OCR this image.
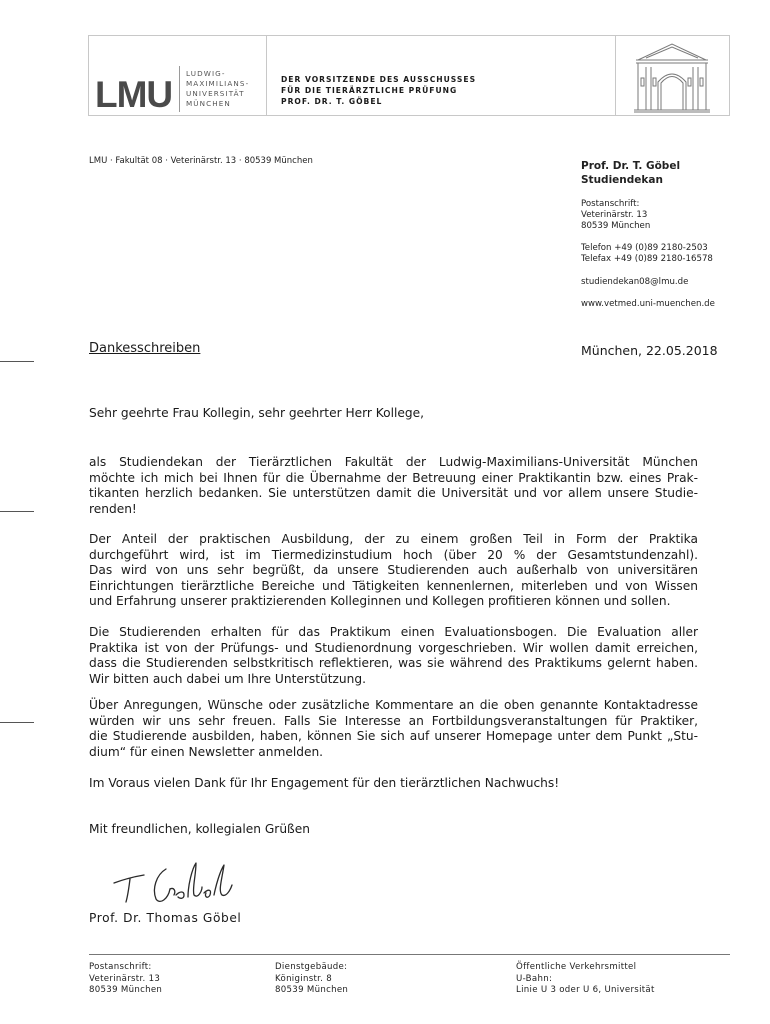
LMU
LUDWIG-
MAXIMILIANS-
UNIVERSITÄT
MÜNCHEN
DER VORSITZENDE DES AUSSCHUSSES
FÜR DIE TIERÄRZTLICHE PRÜFUNG
PROF. DR. T. GÖBEL
LMU · Fakultät 08 · Veterinärstr. 13 · 80539 München	Prof. Dr. T. Göbel
Studiendekan
Postanschrift:
Veterinärstr. 13
80539 München
Telefon +49 (0)89 2180-2503
Telefax +49 (0)89 2180-16578
studiendekan08@lmu.de
www.vetmed.uni-muenchen.de
Dankesschreiben	München, 22.05.2018
Sehr geehrte Frau Kollegin, sehr geehrter Herr Kollege,
als Studiendekan der Tierärztlichen Fakultät der Ludwig-Maximilians-Universität München
möchte ich mich bei Ihnen für die Übernahme der Betreuung einer Praktikantin bzw. eines Prak-
tikanten herzlich bedanken. Sie unterstützen damit die Universität und vor allem unsere Studie-
renden!
Der Anteil der praktischen Ausbildung, der zu einem großen Teil in Form der Praktika
durchgeführt wird, ist im Tiermedizinstudium hoch (über 20 % der Gesamtstundenzahl).
Das wird von uns sehr begrüßt, da unsere Studierenden auch außerhalb von universitären
Einrichtungen tierärztliche Bereiche und Tätigkeiten kennenlernen, miterleben und von Wissen
und Erfahrung unserer praktizierenden Kolleginnen und Kollegen profitieren können und sollen.
Die Studierenden erhalten für das Praktikum einen Evaluationsbogen. Die Evaluation aller
Praktika ist von der Prüfungs- und Studienordnung vorgeschrieben. Wir wollen damit erreichen,
dass die Studierenden selbstkritisch reflektieren, was sie während des Praktikums gelernt haben.
Wir bitten auch dabei um Ihre Unterstützung.
Über Anregungen, Wünsche oder zusätzliche Kommentare an die oben genannte Kontaktadresse
würden wir uns sehr freuen. Falls Sie Interesse an Fortbildungsveranstaltungen für Praktiker,
die Studierende ausbilden, haben, können Sie sich auf unserer Homepage unter dem Punkt „Stu-
dium“ für einen Newsletter anmelden.
Im Voraus vielen Dank für Ihr Engagement für den tierärztlichen Nachwuchs!
Mit freundlichen, kollegialen Grüßen
Prof. Dr. Thomas Göbel
Postanschrift:
Veterinärstr. 13
80539 München
Dienstgebäude:
Königinstr. 8
80539 München
Öffentliche Verkehrsmittel
U-Bahn:
Linie U 3 oder U 6, Universität
